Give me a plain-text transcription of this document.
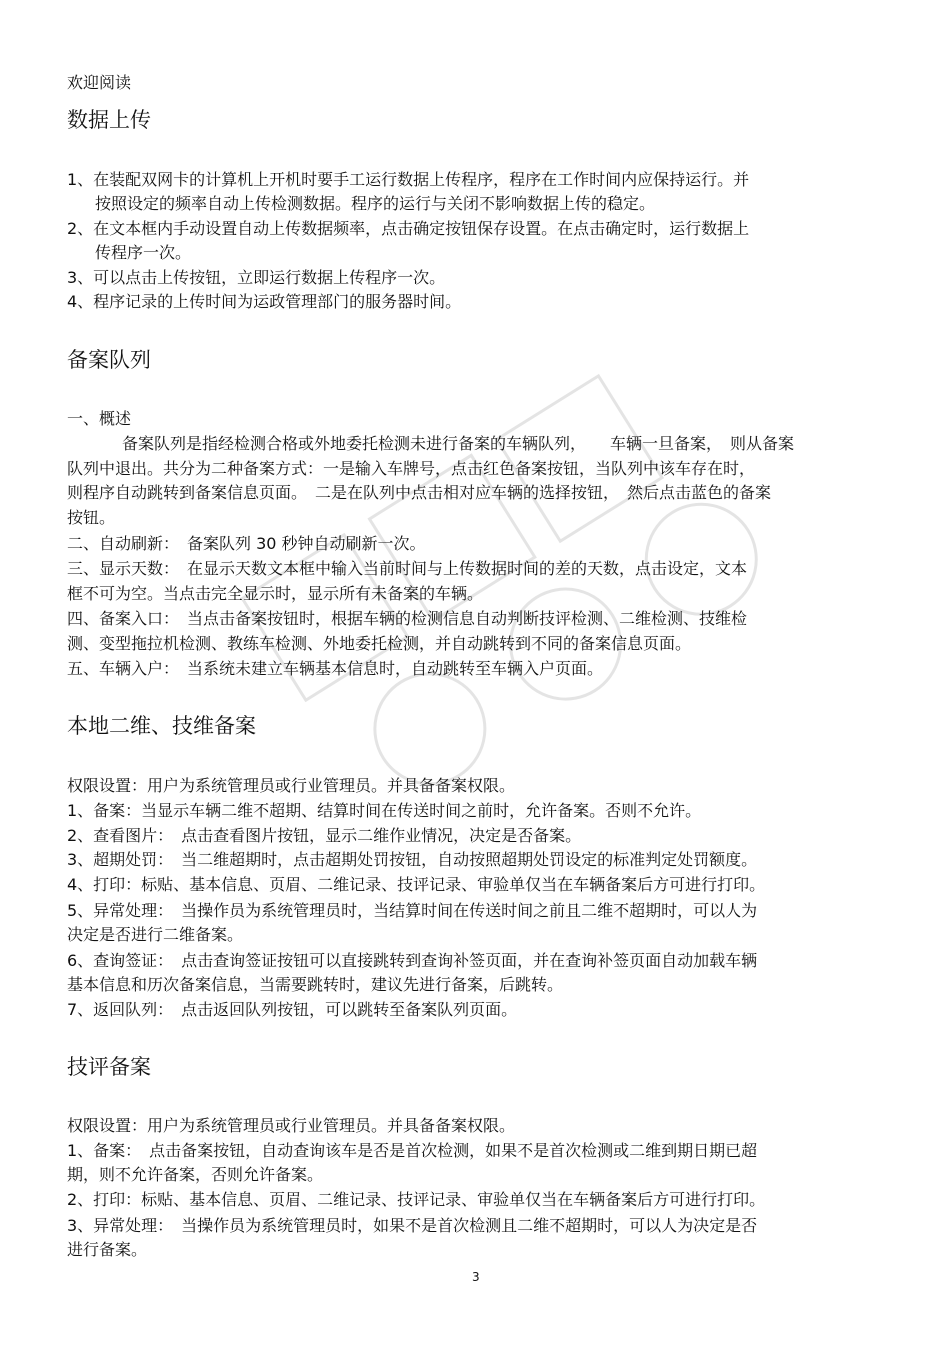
欢迎阅读
数据上传
1、在装配双网卡的计算机上开机时要手工运行数据上传程序，程序在工作时间内应保持运行。并
按照设定的频率自动上传检测数据。程序的运行与关闭不影响数据上传的稳定。
2、在文本框内手动设置自动上传数据频率，点击确定按钮保存设置。在点击确定时，运行数据上
传程序一次。
3、可以点击上传按钮，立即运行数据上传程序一次。
4、程序记录的上传时间为运政管理部门的服务器时间。
备案队列
一、概述
备案队列是指经检测合格或外地委托检测未进行备案的车辆队列，　　车辆一旦备案，　则从备案
队列中退出。共分为二种备案方式：一是输入车牌号，点击红色备案按钮，当队列中该车存在时，
则程序自动跳转到备案信息页面。　二是在队列中点击相对应车辆的选择按钮，　然后点击蓝色的备案
按钮。
二、自动刷新：　备案队列 30 秒钟自动刷新一次。
三、显示天数：　在显示天数文本框中输入当前时间与上传数据时间的差的天数，点击设定，文本
框不可为空。当点击完全显示时，显示所有未备案的车辆。
四、备案入口：　当点击备案按钮时，根据车辆的检测信息自动判断技评检测、二维检测、技维检
测、变型拖拉机检测、教练车检测、外地委托检测，并自动跳转到不同的备案信息页面。
五、车辆入户：　当系统未建立车辆基本信息时，自动跳转至车辆入户页面。
本地二维、技维备案
权限设置：用户为系统管理员或行业管理员。并具备备案权限。
1、备案：当显示车辆二维不超期、结算时间在传送时间之前时，允许备案。否则不允许。
2、查看图片：　点击查看图片按钮，显示二维作业情况，决定是否备案。
3、超期处罚：　当二维超期时，点击超期处罚按钮，自动按照超期处罚设定的标准判定处罚额度。
4、打印：标贴、基本信息、页眉、二维记录、技评记录、审验单仅当在车辆备案后方可进行打印。
5、异常处理：　当操作员为系统管理员时，当结算时间在传送时间之前且二维不超期时，可以人为
决定是否进行二维备案。
6、查询签证：　点击查询签证按钮可以直接跳转到查询补签页面，并在查询补签页面自动加载车辆
基本信息和历次备案信息，当需要跳转时，建议先进行备案，后跳转。
7、返回队列：　点击返回队列按钮，可以跳转至备案队列页面。
技评备案
权限设置：用户为系统管理员或行业管理员。并具备备案权限。
1、备案：　点击备案按钮，自动查询该车是否是首次检测，如果不是首次检测或二维到期日期已超
期，则不允许备案，否则允许备案。
2、打印：标贴、基本信息、页眉、二维记录、技评记录、审验单仅当在车辆备案后方可进行打印。
3、异常处理：　当操作员为系统管理员时，如果不是首次检测且二维不超期时，可以人为决定是否
进行备案。
3
